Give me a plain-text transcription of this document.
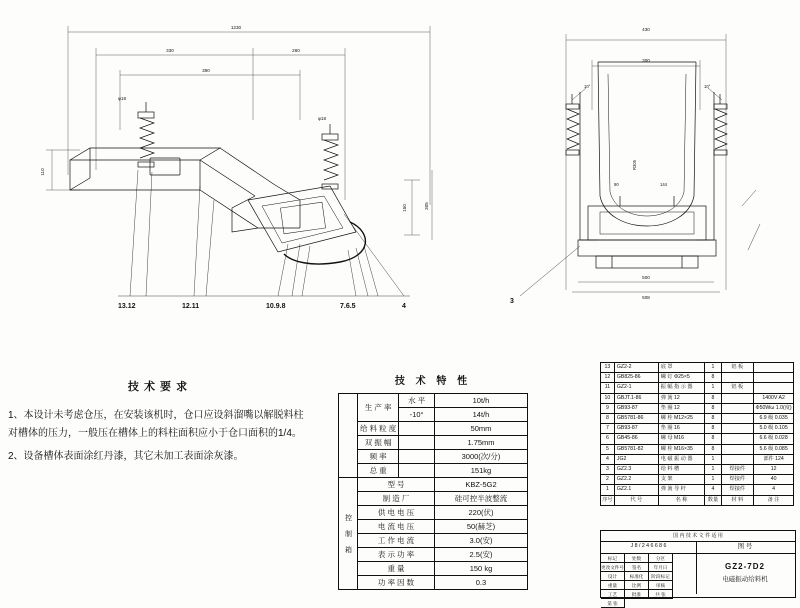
1230
330	260
390
110
150	305
φ18
φ18
430
300
500
508
10°	10°
R305
90	144
13.12	12.11	10.9.8	7.6.5	4
3
技 术 要 求

1、本设计未考虑仓压，在安装该机时，仓口应设斜溜嘴以解脱料柱对槽体的压力，一般压在槽体上的料柱面积应小于仓口面积的1/4。

2、设备槽体表面涂红丹漆，其它未加工表面涂灰漆。

技 术 特 性
	生 产 率	水 平	10t/h
		-10°	14t/h
	给 料 粒 度		50mm
	双 振 幅		1.75mm
	频 率		3000(次/分)
	总 重		151kg
控 制 箱	型 号		KBZ-5G2
	制 造 厂		硅可控半波整流
	供 电 电 压		220(伏)
	电 流 电 压		50(赫芝)
	工 作 电 流		3.0(安)
	表 示 功 率		2.5(安)
	重 量		150 kg
	功 率 因 数		0.3
13	GZ2-2	底 罩	1	铝 板	
12	GB825-86	螺 钉 Φ25×5	8		
11	GZ2-1	振 幅 指 示 器	1	铝 板	
10	GBJT.1-86	弹 簧 12	8		1400V A2
9	GB93-87	垫 圈 12	8		Φ50Wω 1.0(度)
8	GB5781-86	螺 栓 M12×25	8		6.9 级 0.035
7	GB93-87	垫 圈 16	8		5.0 级 0.105
6	GB45-86	螺 母 M16	8		6.6 级 0.028
5	GB5781-82	螺 栓 M16×35	8		5.6 级 0.085
4	JG2	电 磁 振 动 器	1		部件 124
3	GZ2.3	给 料 槽	1	焊接件	12
2	GZ2.2	支 架	1	焊接件	40
1	GZ2.1	弹 簧 导 杆	4	焊接件	4
序号	代 号	名 称	数量	材 料	备 注
国 内 技 术 文 件 适 用
J 8 / 2 4 6 6 8 6	图 号
标记	处数	分区
更改文件号	签名	年月日
设计	标准化	阶段标记
重量	比例	审核
工艺	批准	共 张
第 张
GZ2-7D2
电磁振动给料机
